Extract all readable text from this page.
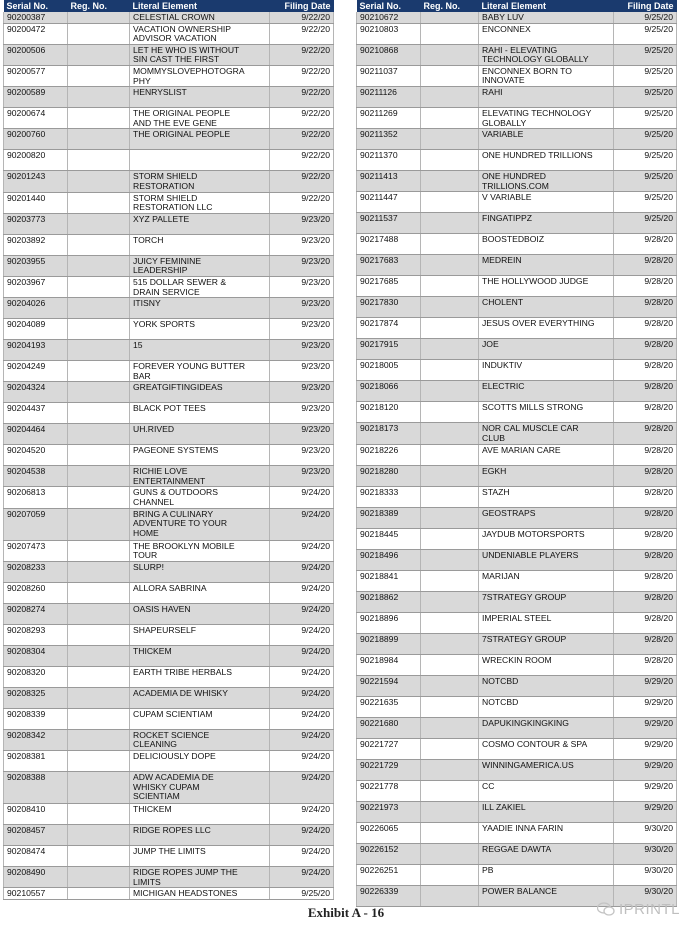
Serial No.	Reg. No.	Literal Element	Filing Date
90200387		CELESTIAL CROWN	9/22/20
90200472		VACATION OWNERSHIP
ADVISOR VACATION	9/22/20
90200506		LET HE WHO IS WITHOUT
SIN CAST THE FIRST	9/22/20
90200577		MOMMYSLOVEPHOTOGRA
PHY	9/22/20
90200589		HENRYSLIST	9/22/20
90200674		THE ORIGINAL PEOPLE
AND THE EVE GENE	9/22/20
90200760		THE ORIGINAL PEOPLE	9/22/20
90200820			9/22/20
90201243		STORM SHIELD
RESTORATION	9/22/20
90201440		STORM SHIELD
RESTORATION LLC	9/22/20
90203773		XYZ PALLETE	9/23/20
90203892		TORCH	9/23/20
90203955		JUICY FEMININE
LEADERSHIP	9/23/20
90203967		515 DOLLAR SEWER &
DRAIN SERVICE	9/23/20
90204026		ITISNY	9/23/20
90204089		YORK SPORTS	9/23/20
90204193		15	9/23/20
90204249		FOREVER YOUNG BUTTER
BAR	9/23/20
90204324		GREATGIFTINGIDEAS	9/23/20
90204437		BLACK POT TEES	9/23/20
90204464		UH.RIVED	9/23/20
90204520		PAGEONE SYSTEMS	9/23/20
90204538		RICHIE LOVE
ENTERTAINMENT	9/23/20
90206813		GUNS & OUTDOORS
CHANNEL	9/24/20
90207059		BRING A CULINARY
ADVENTURE TO YOUR
HOME	9/24/20
90207473		THE BROOKLYN MOBILE
TOUR	9/24/20
90208233		SLURP!	9/24/20
90208260		ALLORA SABRINA	9/24/20
90208274		OASIS HAVEN	9/24/20
90208293		SHAPEURSELF	9/24/20
90208304		THICKEM	9/24/20
90208320		EARTH TRIBE HERBALS	9/24/20
90208325		ACADEMIA DE WHISKY	9/24/20
90208339		CUPAM SCIENTIAM	9/24/20
90208342		ROCKET SCIENCE
CLEANING	9/24/20
90208381		DELICIOUSLY DOPE	9/24/20
90208388		ADW ACADEMIA DE
WHISKY CUPAM
SCIENTIAM	9/24/20
90208410		THICKEM	9/24/20
90208457		RIDGE ROPES LLC	9/24/20
90208474		JUMP THE LIMITS	9/24/20
90208490		RIDGE ROPES JUMP THE
LIMITS	9/24/20
90210557		MICHIGAN HEADSTONES	9/25/20
Serial No.	Reg. No.	Literal Element	Filing Date
90210672		BABY LUV	9/25/20
90210803		ENCONNEX	9/25/20
90210868		RAHI - ELEVATING
TECHNOLOGY GLOBALLY	9/25/20
90211037		ENCONNEX BORN TO
INNOVATE	9/25/20
90211126		RAHI	9/25/20
90211269		ELEVATING TECHNOLOGY
GLOBALLY	9/25/20
90211352		VARIABLE	9/25/20
90211370		ONE HUNDRED TRILLIONS	9/25/20
90211413		ONE HUNDRED
TRILLIONS.COM	9/25/20
90211447		V VARIABLE	9/25/20
90211537		FINGATIPPZ	9/25/20
90217488		BOOSTEDBOIZ	9/28/20
90217683		MEDREIN	9/28/20
90217685		THE HOLLYWOOD JUDGE	9/28/20
90217830		CHOLENT	9/28/20
90217874		JESUS OVER EVERYTHING	9/28/20
90217915		JOE	9/28/20
90218005		INDUKTIV	9/28/20
90218066		ELECTRIC	9/28/20
90218120		SCOTTS MILLS STRONG	9/28/20
90218173		NOR CAL MUSCLE CAR
CLUB	9/28/20
90218226		AVE MARIAN CARE	9/28/20
90218280		EGKH	9/28/20
90218333		STAZH	9/28/20
90218389		GEOSTRAPS	9/28/20
90218445		JAYDUB MOTORSPORTS	9/28/20
90218496		UNDENIABLE PLAYERS	9/28/20
90218841		MARIJAN	9/28/20
90218862		7STRATEGY GROUP	9/28/20
90218896		IMPERIAL STEEL	9/28/20
90218899		7STRATEGY GROUP	9/28/20
90218984		WRECKIN ROOM	9/28/20
90221594		NOTCBD	9/29/20
90221635		NOTCBD	9/29/20
90221680		DAPUKINGKINGKING	9/29/20
90221727		COSMO CONTOUR & SPA	9/29/20
90221729		WINNINGAMERICA.US	9/29/20
90221778		CC	9/29/20
90221973		ILL ZAKIEL	9/29/20
90226065		YAADIE INNA FARIN	9/30/20
90226152		REGGAE DAWTA	9/30/20
90226251		PB	9/30/20
90226339		POWER BALANCE	9/30/20
Exhibit A - 16	IPRINTL
